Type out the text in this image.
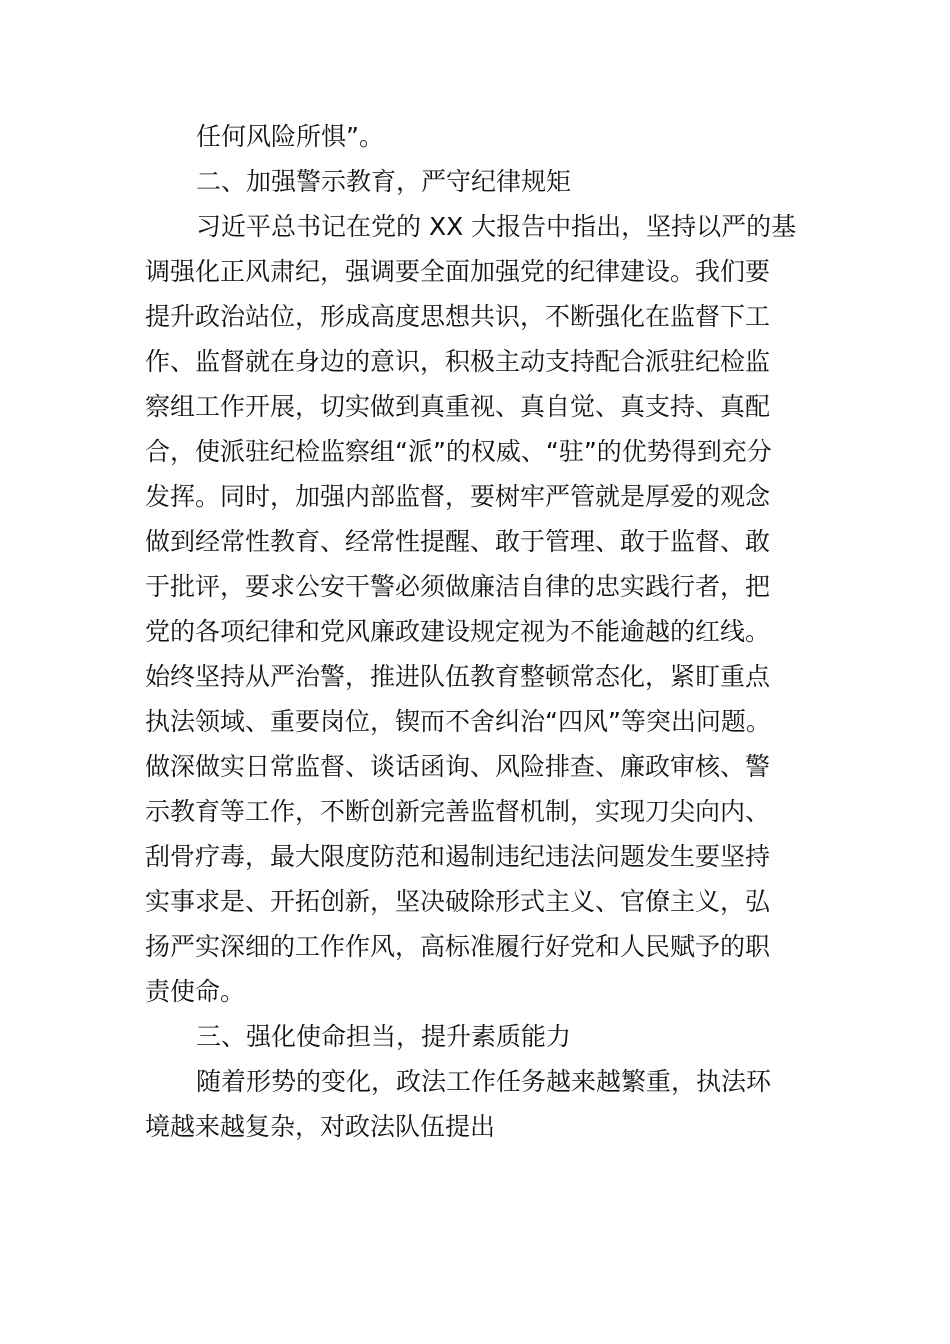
任何风险所惧”。
二、加强警示教育，严守纪律规矩
习近平总书记在党的 XX 大报告中指出，坚持以严的基
调强化正风肃纪，强调要全面加强党的纪律建设。我们要
提升政治站位，形成高度思想共识，不断强化在监督下工
作、监督就在身边的意识，积极主动支持配合派驻纪检监
察组工作开展，切实做到真重视、真自觉、真支持、真配
合，使派驻纪检监察组“派”的权威、“驻”的优势得到充分
发挥。同时，加强内部监督，要树牢严管就是厚爱的观念
做到经常性教育、经常性提醒、敢于管理、敢于监督、敢
于批评，要求公安干警必须做廉洁自律的忠实践行者，把
党的各项纪律和党风廉政建设规定视为不能逾越的红线。
始终坚持从严治警，推进队伍教育整顿常态化，紧盯重点
执法领域、重要岗位，锲而不舍纠治“四风”等突出问题。
做深做实日常监督、谈话函询、风险排查、廉政审核、警
示教育等工作，不断创新完善监督机制，实现刀尖向内、
刮骨疗毒，最大限度防范和遏制违纪违法问题发生要坚持
实事求是、开拓创新，坚决破除形式主义、官僚主义，弘
扬严实深细的工作作风，高标准履行好党和人民赋予的职
责使命。
三、强化使命担当，提升素质能力
随着形势的变化，政法工作任务越来越繁重，执法环
境越来越复杂，对政法队伍提出
